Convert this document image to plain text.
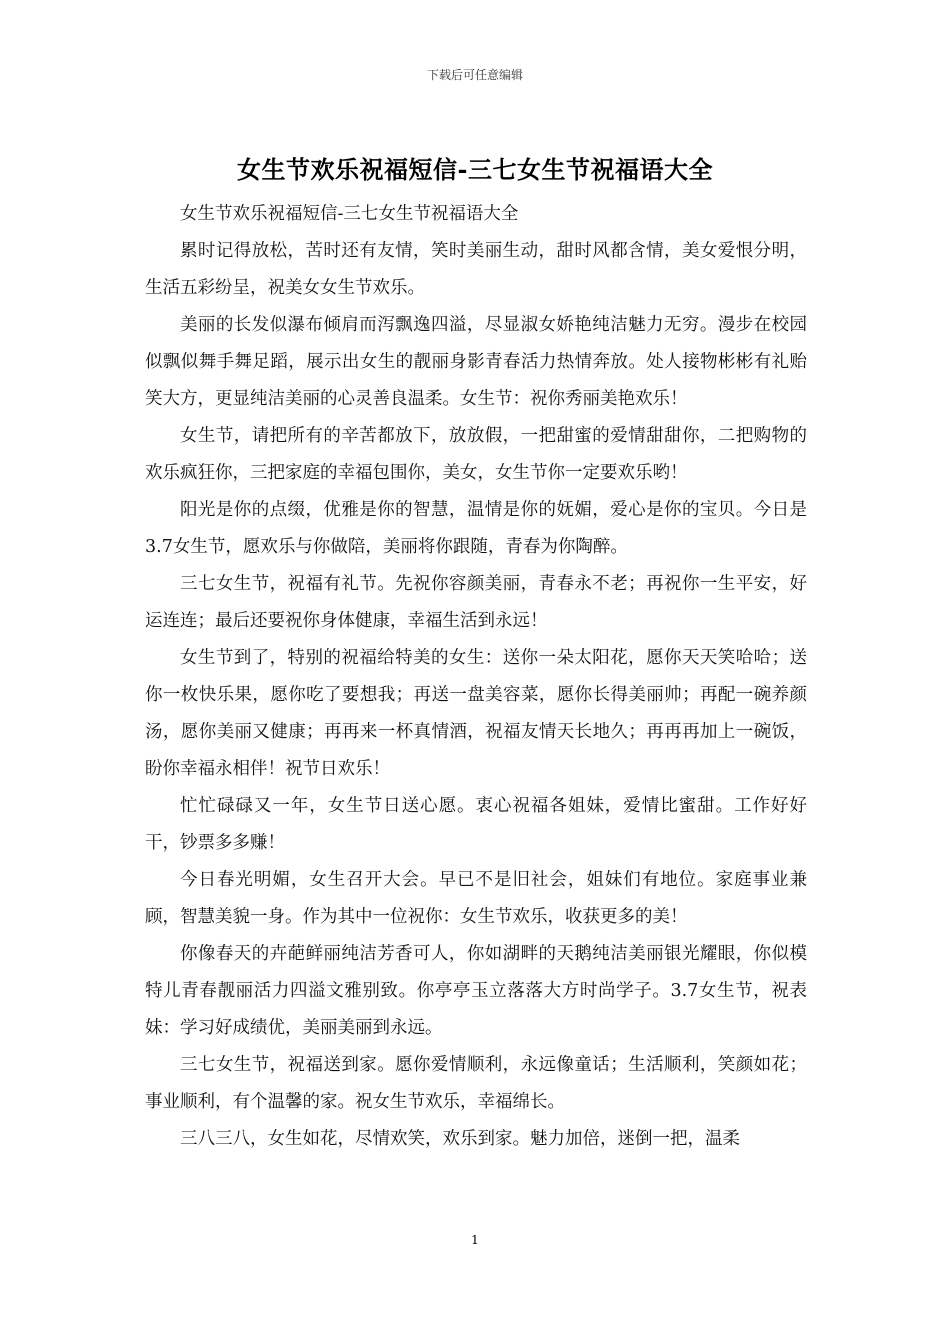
下载后可任意编辑
女生节欢乐祝福短信-三七女生节祝福语大全

女生节欢乐祝福短信-三七女生节祝福语大全

累时记得放松，苦时还有友情，笑时美丽生动，甜时风都含情，美女爱恨分明，生活五彩纷呈，祝美女女生节欢乐。

美丽的长发似瀑布倾肩而泻飘逸四溢，尽显淑女娇艳纯洁魅力无穷。漫步在校园似飘似舞手舞足蹈，展示出女生的靓丽身影青春活力热情奔放。处人接物彬彬有礼贻笑大方，更显纯洁美丽的心灵善良温柔。女生节：祝你秀丽美艳欢乐！

女生节，请把所有的辛苦都放下，放放假，一把甜蜜的爱情甜甜你，二把购物的欢乐疯狂你，三把家庭的幸福包围你，美女，女生节你一定要欢乐哟！

阳光是你的点缀，优雅是你的智慧，温情是你的妩媚，爱心是你的宝贝。今日是3.7女生节，愿欢乐与你做陪，美丽将你跟随，青春为你陶醉。

三七女生节，祝福有礼节。先祝你容颜美丽，青春永不老；再祝你一生平安，好运连连；最后还要祝你身体健康，幸福生活到永远！

女生节到了，特别的祝福给特美的女生：送你一朵太阳花，愿你天天笑哈哈；送你一枚快乐果，愿你吃了要想我；再送一盘美容菜，愿你长得美丽帅；再配一碗养颜汤，愿你美丽又健康；再再来一杯真情酒，祝福友情天长地久；再再再加上一碗饭，盼你幸福永相伴！祝节日欢乐！

忙忙碌碌又一年，女生节日送心愿。衷心祝福各姐妹，爱情比蜜甜。工作好好干，钞票多多赚！

今日春光明媚，女生召开大会。早已不是旧社会，姐妹们有地位。家庭事业兼顾，智慧美貌一身。作为其中一位祝你：女生节欢乐，收获更多的美！

你像春天的卉葩鲜丽纯洁芳香可人，你如湖畔的天鹅纯洁美丽银光耀眼，你似模特儿青春靓丽活力四溢文雅别致。你亭亭玉立落落大方时尚学子。3.7女生节，祝表妹：学习好成绩优，美丽美丽到永远。

三七女生节，祝福送到家。愿你爱情顺利，永远像童话；生活顺利，笑颜如花；事业顺利，有个温馨的家。祝女生节欢乐，幸福绵长。

三八三八，女生如花，尽情欢笑，欢乐到家。魅力加倍，迷倒一把，温柔

1
